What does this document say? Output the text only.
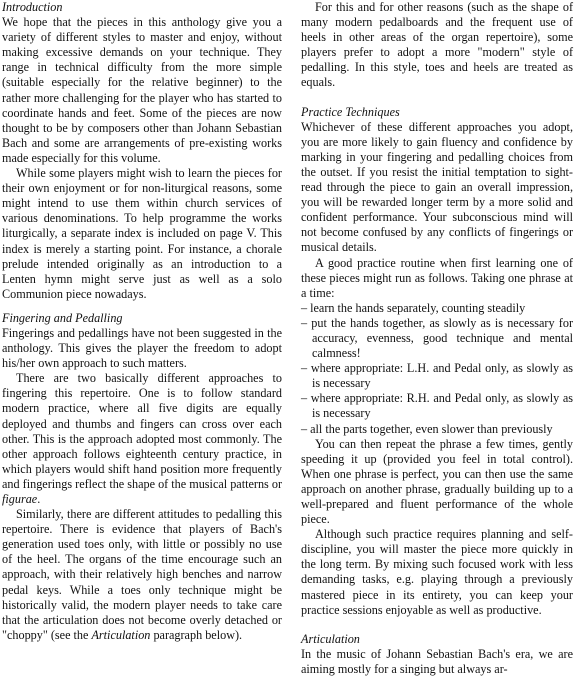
Introduction

We hope that the pieces in this anthology give you a variety of different styles to master and enjoy, without making excessive demands on your technique. They range in technical difficulty from the more simple (suitable especially for the relative beginner) to the rather more challenging for the player who has started to coordinate hands and feet. Some of the pieces are now thought to be by composers other than Johann Sebastian Bach and some are arrangements of pre-existing works made especially for this volume.

While some players might wish to learn the pieces for their own enjoyment or for non-liturgical reasons, some might intend to use them within church services of various denominations. To help programme the works liturgically, a separate index is included on page V. This index is merely a starting point. For instance, a chorale prelude intended originally as an introduction to a Lenten hymn might serve just as well as a solo Communion piece nowadays.

Fingering and Pedalling

Fingerings and pedallings have not been suggested in the anthology. This gives the player the freedom to adopt his/her own approach to such matters.

There are two basically different approaches to fingering this repertoire. One is to follow standard modern practice, where all five digits are equally deployed and thumbs and fingers can cross over each other. This is the approach adopted most commonly. The other approach follows eighteenth century practice, in which players would shift hand position more frequently and fingerings reflect the shape of the musical patterns or figurae.

Similarly, there are different attitudes to pedalling this repertoire. There is evidence that players of Bach's generation used toes only, with little or possibly no use of the heel. The organs of the time encourage such an approach, with their relatively high benches and narrow pedal keys. While a toes only technique might be historically valid, the modern player needs to take care that the articulation does not become overly detached or "choppy" (see the Articulation paragraph below).

For this and for other reasons (such as the shape of many modern pedalboards and the frequent use of heels in other areas of the organ repertoire), some players prefer to adopt a more "modern" style of pedalling. In this style, toes and heels are treated as equals.

Practice Techniques

Whichever of these different approaches you adopt, you are more likely to gain fluency and confidence by marking in your fingering and pedalling choices from the outset. If you resist the initial temptation to sight-read through the piece to gain an overall impression, you will be rewarded longer term by a more solid and confident performance. Your subconscious mind will not become confused by any conflicts of fingerings or musical details.

A good practice routine when first learning one of these pieces might run as follows. Taking one phrase at a time:

– learn the hands separately, counting steadily
– put the hands together, as slowly as is necessary for accuracy, evenness, good technique and mental calmness!
– where appropriate: L.H. and Pedal only, as slowly as is necessary
– where appropriate: R.H. and Pedal only, as slowly as is necessary
– all the parts together, even slower than previously

You can then repeat the phrase a few times, gently speeding it up (provided you feel in total control). When one phrase is perfect, you can then use the same approach on another phrase, gradually building up to a well-prepared and fluent performance of the whole piece.

Although such practice requires planning and self-discipline, you will master the piece more quickly in the long term. By mixing such focused work with less demanding tasks, e.g. playing through a previously mastered piece in its entirety, you can keep your practice sessions enjoyable as well as productive.

Articulation

In the music of Johann Sebastian Bach's era, we are aiming mostly for a singing but always ar-
